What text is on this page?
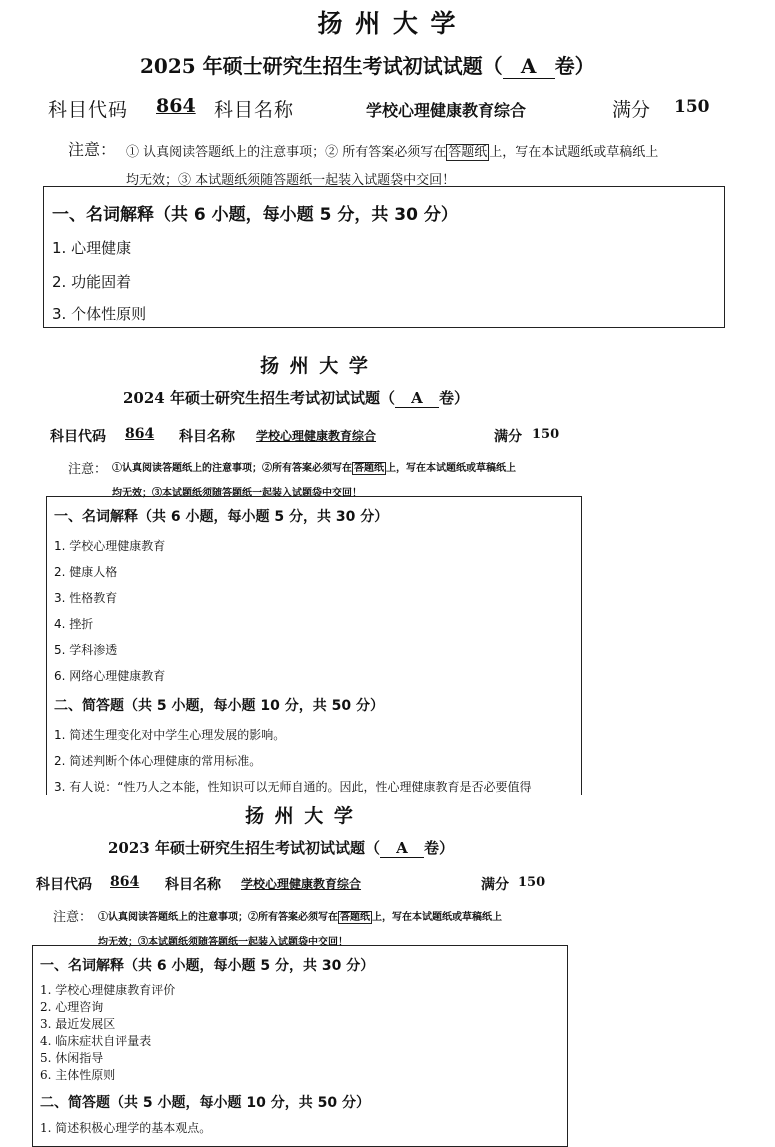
扬 州 大 学
2025 年硕士研究生招生考试初试试题（ A 卷）
科目代码 864 科目名称	学校心理健康教育综合	满分 150
注意： ① 认真阅读答题纸上的注意事项；② 所有答案必须写在 答题纸 上，写在本试题纸或草稿纸上
均无效；③ 本试题纸须随答题纸一起装入试题袋中交回！
一、名词解释（共 6 小题，每小题 5 分，共 30 分）
1. 心理健康
2. 功能固着
3. 个体性原则
扬 州 大 学
2024 年硕士研究生招生考试初试试题（ A 卷）
科目代码 864 科目名称 学校心理健康教育综合	满分 150
注意： ①认真阅读答题纸上的注意事项；②所有答案必须写在 答题纸 上，写在本试题纸或草稿纸上
均无效；③本试题纸须随答题纸一起装入试题袋中交回！
一、名词解释（共 6 小题，每小题 5 分，共 30 分）
1. 学校心理健康教育
2. 健康人格
3. 性格教育
4. 挫折
5. 学科渗透
6. 网络心理健康教育
二、简答题（共 5 小题，每小题 10 分，共 50 分）
1. 简述生理变化对中学生心理发展的影响。
2. 简述判断个体心理健康的常用标准。
3. 有人说：“性乃人之本能，性知识可以无师自通的。因此，性心理健康教育是否必要值得
扬 州 大 学
2023 年硕士研究生招生考试初试试题（ A 卷）
科目代码 864 科目名称 学校心理健康教育综合	满分 150
注意： ①认真阅读答题纸上的注意事项；②所有答案必须写在 答题纸 上，写在本试题纸或草稿纸上
均无效；③本试题纸须随答题纸一起装入试题袋中交回！
一、名词解释（共 6 小题，每小题 5 分，共 30 分）
1. 学校心理健康教育评价
2. 心理咨询
3. 最近发展区
4. 临床症状自评量表
5. 休闲指导
6. 主体性原则
二、简答题（共 5 小题，每小题 10 分，共 50 分）
1. 简述积极心理学的基本观点。
